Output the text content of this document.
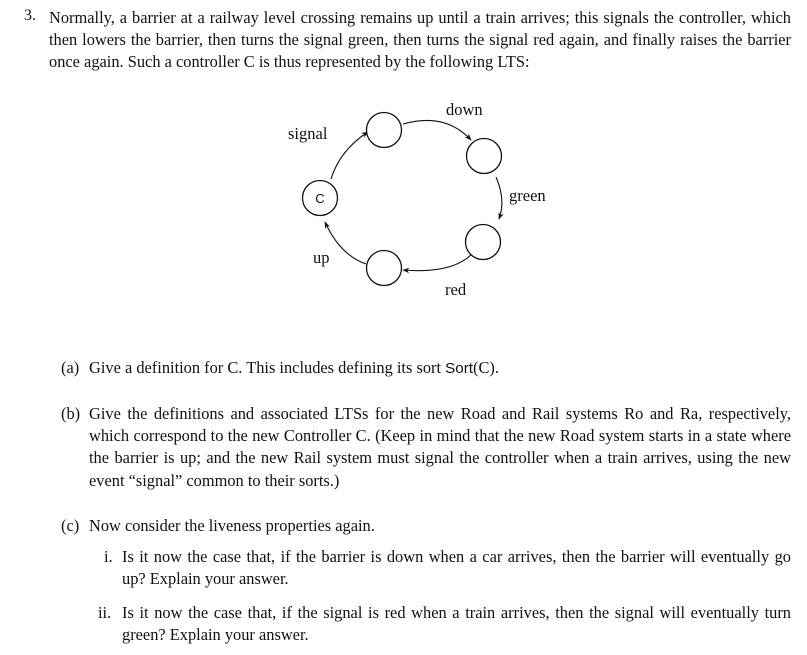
3. Normally, a barrier at a railway level crossing remains up until a train arrives; this signals the controller, which then lowers the barrier, then turns the signal green, then turns the signal red again, and finally raises the barrier once again. Such a controller C is thus represented by the following LTS:
C
signal
down
green
red
up
(a) Give a definition for C. This includes defining its sort Sort(C).
(b) Give the definitions and associated LTSs for the new Road and Rail systems Ro and Ra, respectively, which correspond to the new Controller C. (Keep in mind that the new Road system starts in a state where the barrier is up; and the new Rail system must signal the controller when a train arrives, using the new event “signal” common to their sorts.)
(c) Now consider the liveness properties again.
i. Is it now the case that, if the barrier is down when a car arrives, then the barrier will eventually go up? Explain your answer.
ii. Is it now the case that, if the signal is red when a train arrives, then the signal will eventually turn green? Explain your answer.
